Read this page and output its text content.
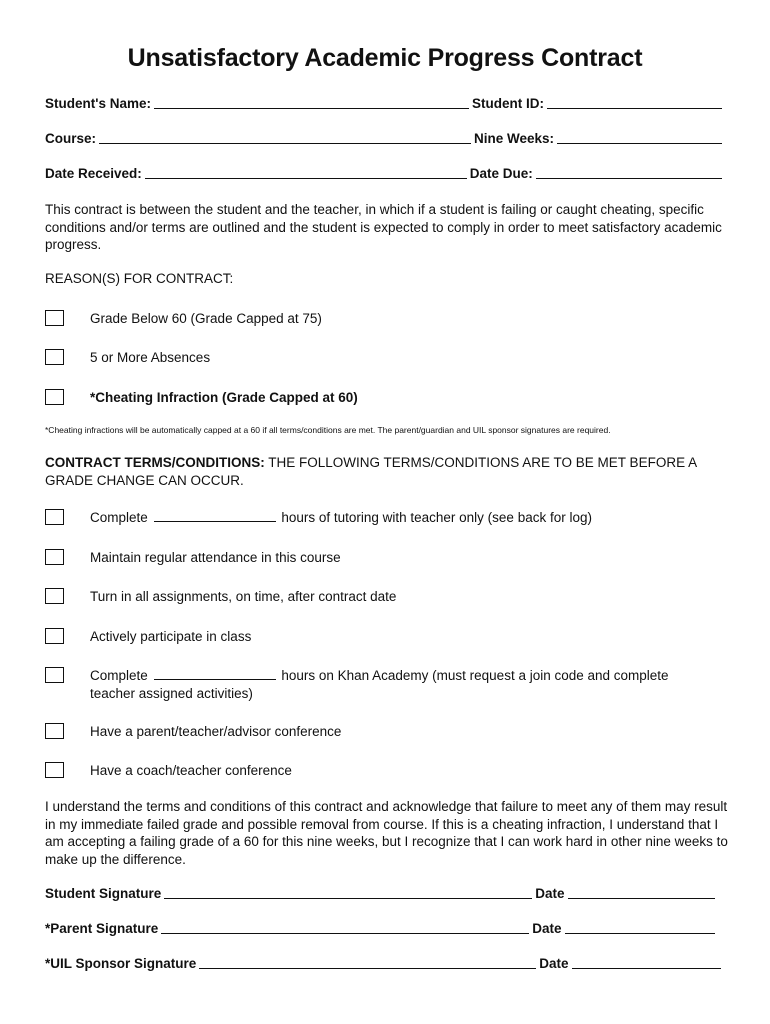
Unsatisfactory Academic Progress Contract
Student's Name:	Student ID:
Course:	Nine Weeks:
Date Received:	Date Due:

This contract is between the student and the teacher, in which if a student is failing or caught cheating, specific conditions and/or terms are outlined and the student is expected to comply in order to meet satisfactory academic progress.

REASON(S) FOR CONTRACT:
Grade Below 60 (Grade Capped at 75)
5 or More Absences
*Cheating Infraction (Grade Capped at 60)
*Cheating infractions will be automatically capped at a 60 if all terms/conditions are met. The parent/guardian and UIL sponsor signatures are required.

CONTRACT TERMS/CONDITIONS: THE FOLLOWING TERMS/CONDITIONS ARE TO BE MET BEFORE A GRADE CHANGE CAN OCCUR.

Complete	hours of tutoring with teacher only (see back for log)
Maintain regular attendance in this course
Turn in all assignments, on time, after contract date
Actively participate in class
Complete	hours on Khan Academy (must request a join code and complete teacher assigned activities)
Have a parent/teacher/advisor conference
Have a coach/teacher conference

I understand the terms and conditions of this contract and acknowledge that failure to meet any of them may result in my immediate failed grade and possible removal from course. If this is a cheating infraction, I understand that I am accepting a failing grade of a 60 for this nine weeks, but I recognize that I can work hard in other nine weeks to make up the difference.

Student Signature	Date
*Parent Signature	Date
*UIL Sponsor Signature	Date
